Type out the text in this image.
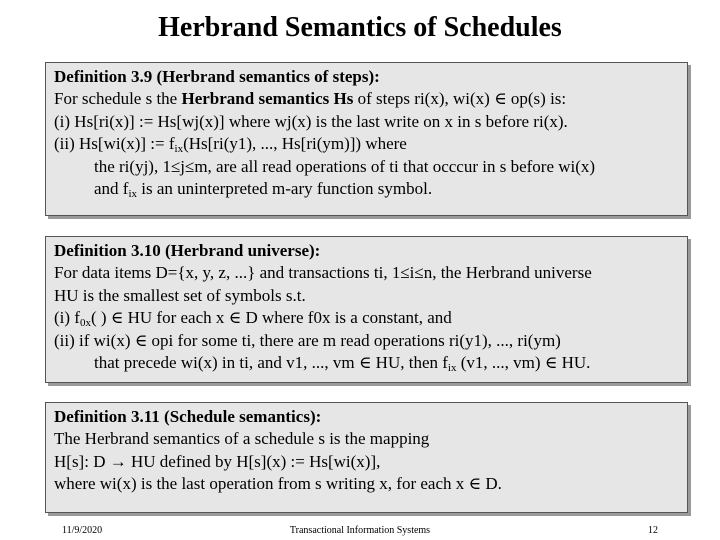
Herbrand Semantics of Schedules

Definition 3.9 (Herbrand semantics of steps):

For schedule s the Herbrand semantics Hs of steps ri(x), wi(x) ∈ op(s) is:

(i) Hs[ri(x)] := Hs[wj(x)] where wj(x) is the last write on x in s before ri(x).

(ii) Hs[wi(x)] := $f_{ix}(Hs[ri(y1)$, ..., Hs[ri(ym)]) where

the ri(yj), 1≤j≤m, are all read operations of ti that occcur in s before wi(x)

and $f_{ix}$ is an uninterpreted m-ary function symbol.

Definition 3.10 (Herbrand universe):

For data items D={x, y, z, ...} and transactions ti, 1≤i≤n, the Herbrand universe

HU is the smallest set of symbols s.t.

(i) $f_{0x}$( ) ∈ HU for each x ∈ D where f0x is a constant, and

(ii) if wi(x) ∈ opi for some ti, there are m read operations ri(y1), ..., ri(ym)

that precede wi(x) in ti, and v1, ..., vm ∈ HU, then $f_{ix}$ (v1, ..., vm) ∈ HU.

Definition 3.11 (Schedule semantics):

The Herbrand semantics of a schedule s is the mapping

H[s]: D → HU defined by H[s](x) := Hs[wi(x)],

where wi(x) is the last operation from s writing x, for each x ∈ D.

11/9/2020	Transactional Information Systems	12
